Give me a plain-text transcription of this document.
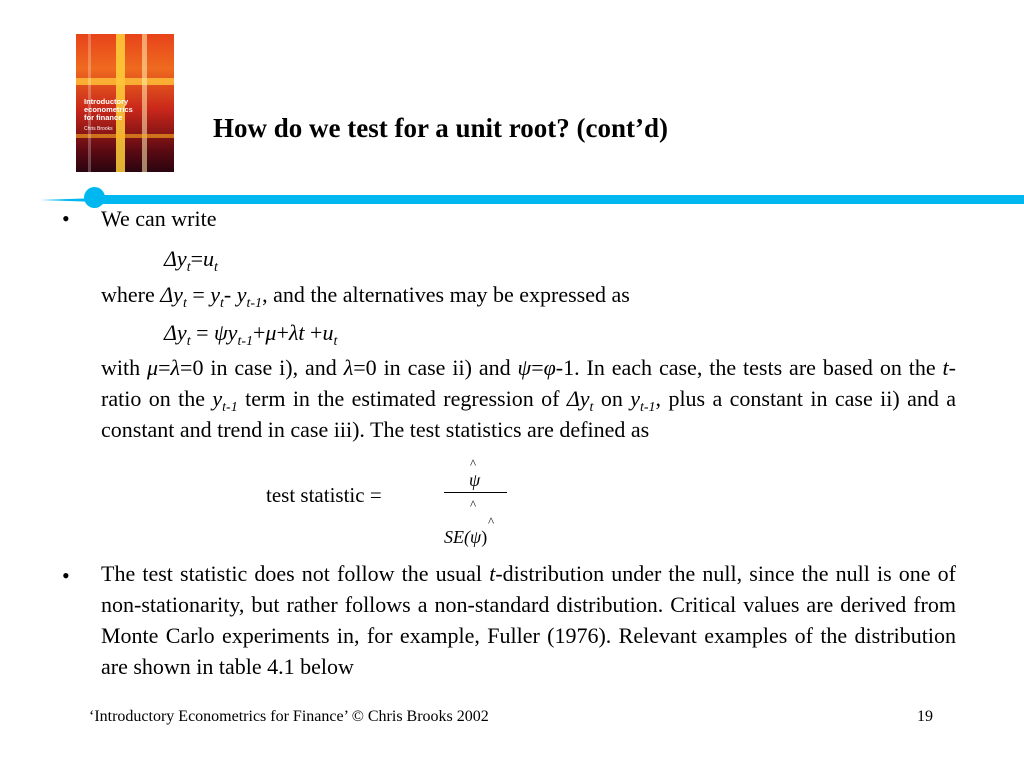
Introductory
econometrics
for finance
Chris Brooks	How do we test for a unit root? (cont’d)
• We can write
$\Delta y_t=u_t$
where $\Delta y_t = y_t-$ $y_{t-1}$, and the alternatives may be expressed as
$\Delta y_t = \psi y_{t-1}+\mu+\lambda t +u_t$
with μ=λ=0 in case i), and λ=0 in case ii) and ψ=φ-1. In each case, the tests are based on the t-ratio on the $y_{t-1}$ term in the estimated regression of $\Delta y_t$ on $y_{t-1}$, plus a constant in case ii) and a constant and trend in case iii). The test statistics are defined as
test statistic =
^
ψ
^
^
SE(ψ)
• The test statistic does not follow the usual t-distribution under the null, since the null is one of non-stationarity, but rather follows a non-standard distribution. Critical values are derived from Monte Carlo experiments in, for example, Fuller (1976). Relevant examples of the distribution are shown in table 4.1 below
‘Introductory Econometrics for Finance’ © Chris Brooks 2002	19
